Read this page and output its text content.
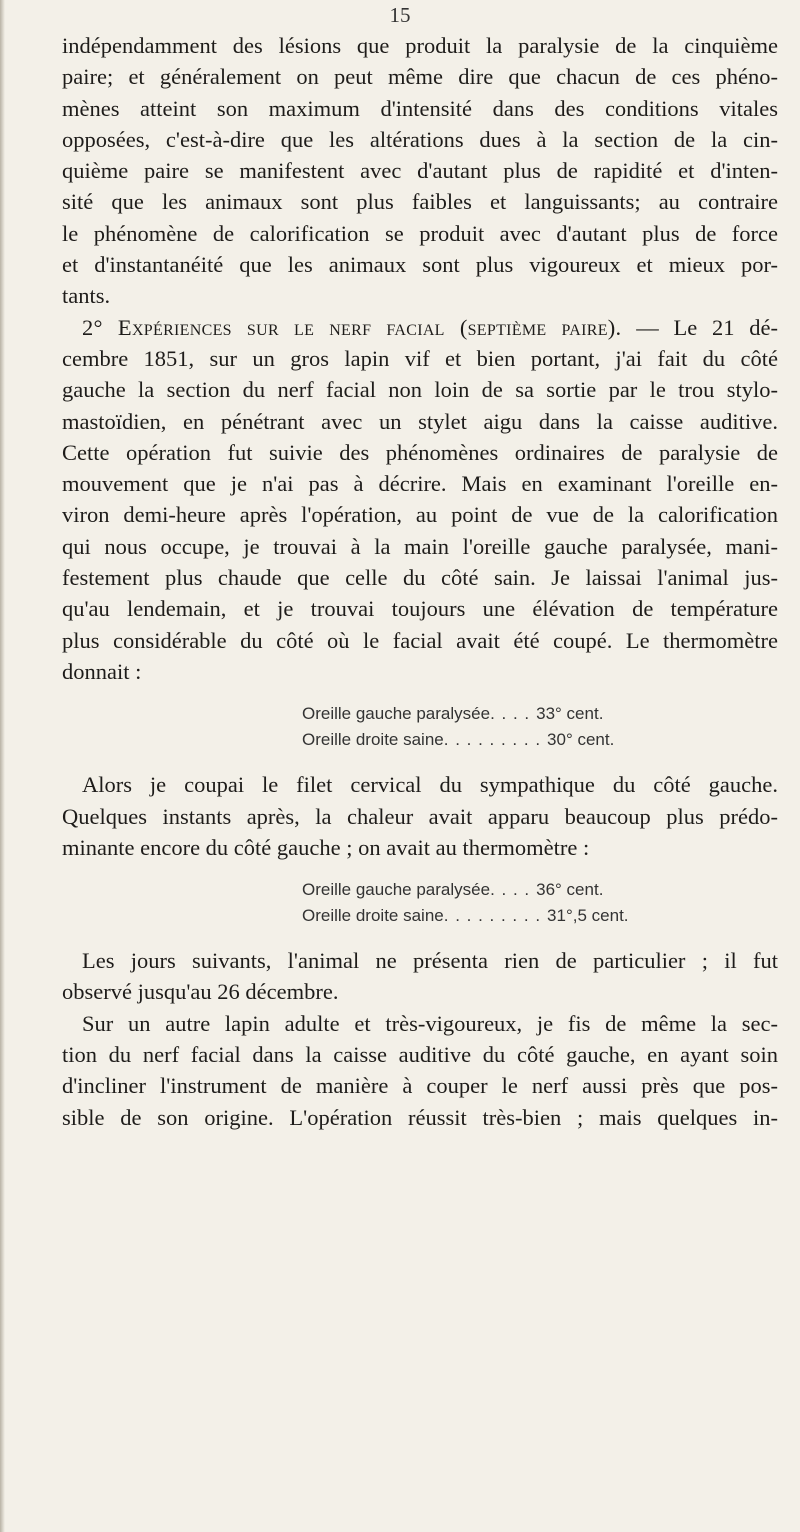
15
indépendamment des lésions que produit la paralysie de la cinquième
paire; et généralement on peut même dire que chacun de ces phéno-
mènes atteint son maximum d'intensité dans des conditions vitales
opposées, c'est-à-dire que les altérations dues à la section de la cin-
quième paire se manifestent avec d'autant plus de rapidité et d'inten-
sité que les animaux sont plus faibles et languissants; au contraire
le phénomène de calorification se produit avec d'autant plus de force
et d'instantanéité que les animaux sont plus vigoureux et mieux por-
tants.
2° Expériences sur le nerf facial (septième paire). — Le 21 dé-
cembre 1851, sur un gros lapin vif et bien portant, j'ai fait du côté
gauche la section du nerf facial non loin de sa sortie par le trou stylo-
mastoïdien, en pénétrant avec un stylet aigu dans la caisse auditive.
Cette opération fut suivie des phénomènes ordinaires de paralysie de
mouvement que je n'ai pas à décrire. Mais en examinant l'oreille en-
viron demi-heure après l'opération, au point de vue de la calorification
qui nous occupe, je trouvai à la main l'oreille gauche paralysée, mani-
festement plus chaude que celle du côté sain. Je laissai l'animal jus-
qu'au lendemain, et je trouvai toujours une élévation de température
plus considérable du côté où le facial avait été coupé. Le thermomètre
donnait :
Oreille gauche paralysée . . . . 33° cent.
Oreille droite saine . . . . . . . . . 30° cent.
Alors je coupai le filet cervical du sympathique du côté gauche.
Quelques instants après, la chaleur avait apparu beaucoup plus prédo-
minante encore du côté gauche ; on avait au thermomètre :
Oreille gauche paralysée . . . . 36° cent.
Oreille droite saine . . . . . . . . . 31°,5 cent.
Les jours suivants, l'animal ne présenta rien de particulier ; il fut
observé jusqu'au 26 décembre.
Sur un autre lapin adulte et très-vigoureux, je fis de même la sec-
tion du nerf facial dans la caisse auditive du côté gauche, en ayant soin
d'incliner l'instrument de manière à couper le nerf aussi près que pos-
sible de son origine. L'opération réussit très-bien ; mais quelques in-
